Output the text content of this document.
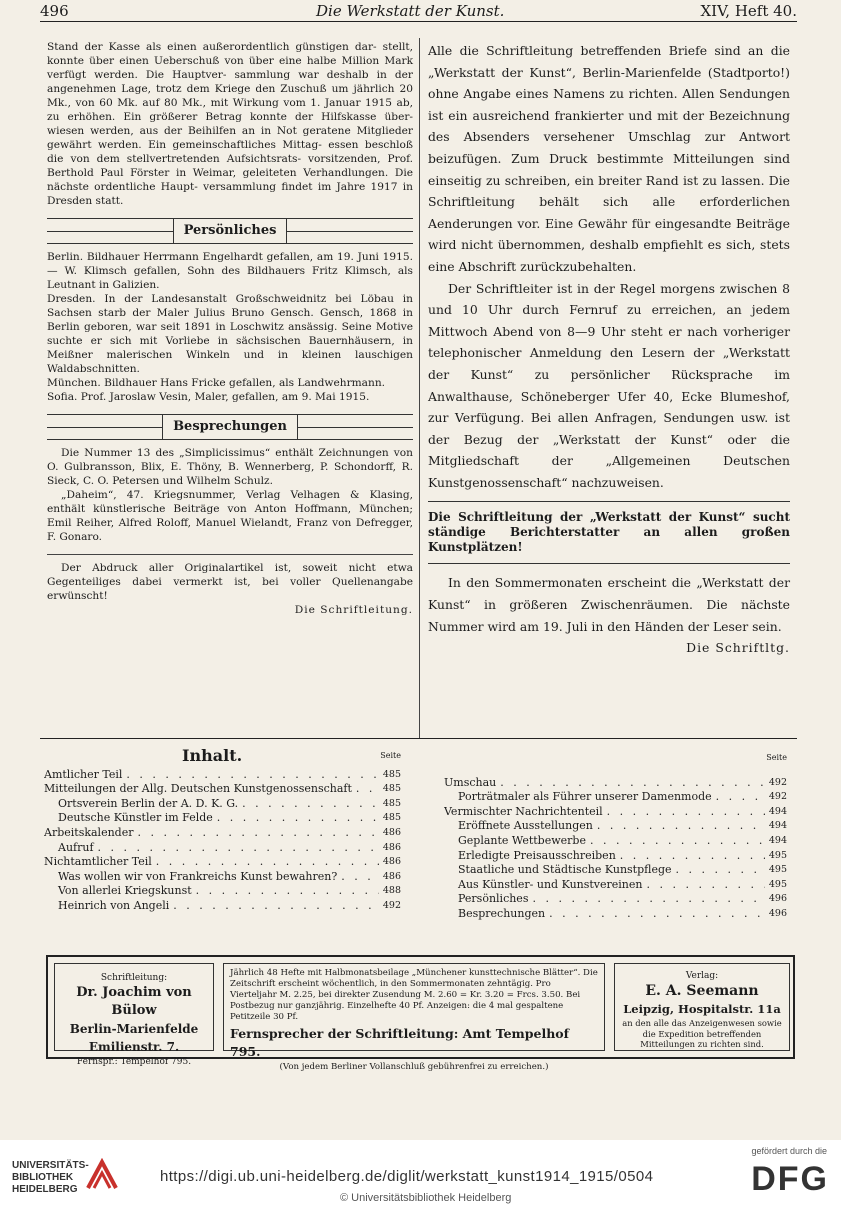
496	Die Werkstatt der Kunst.	XIV, Heft 40.

Stand der Kasse als einen außerordentlich günstigen dar- stellt, konnte über einen Ueberschuß von über eine halbe Million Mark verfügt werden. Die Hauptver- sammlung war deshalb in der angenehmen Lage, trotz dem Kriege den Zuschuß um jährlich 20 Mk., von 60 Mk. auf 80 Mk., mit Wirkung vom 1. Januar 1915 ab, zu erhöhen. Ein größerer Betrag konnte der Hilfskasse über- wiesen werden, aus der Beihilfen an in Not geratene Mitglieder gewährt werden. Ein gemeinschaftliches Mittag- essen beschloß die von dem stellvertretenden Aufsichtsrats- vorsitzenden, Prof. Berthold Paul Förster in Weimar, geleiteten Verhandlungen. Die nächste ordentliche Haupt- versammlung findet im Jahre 1917 in Dresden statt.

Persönliches

Berlin. Bildhauer Herrmann Engelhardt gefallen, am 19. Juni 1915. — W. Klimsch gefallen, Sohn des Bildhauers Fritz Klimsch, als Leutnant in Galizien.

Dresden. In der Landesanstalt Großschweidnitz bei Löbau in Sachsen starb der Maler Julius Bruno Gensch. Gensch, 1868 in Berlin geboren, war seit 1891 in Loschwitz ansässig. Seine Motive suchte er sich mit Vorliebe in sächsischen Bauernhäusern, in Meißner malerischen Winkeln und in kleinen lauschigen Waldabschnitten.

München. Bildhauer Hans Fricke gefallen, als Landwehrmann.

Sofia. Prof. Jaroslaw Vesin, Maler, gefallen, am 9. Mai 1915.

Besprechungen

Die Nummer 13 des „Simplicissimus“ enthält Zeichnungen von O. Gulbransson, Blix, E. Thöny, B. Wennerberg, P. Schondorff, R. Sieck, C. O. Petersen und Wilhelm Schulz.

„Daheim“, 47. Kriegsnummer, Verlag Velhagen & Klasing, enthält künstlerische Beiträge von Anton Hoffmann, München; Emil Reiher, Alfred Roloff, Manuel Wielandt, Franz von Defregger, F. Gonaro.

Der Abdruck aller Originalartikel ist, soweit nicht etwa Gegenteiliges dabei vermerkt ist, bei voller Quellenangabe erwünscht!

Die Schriftleitung.

Alle die Schriftleitung betreffenden Briefe sind an die „Werkstatt der Kunst“, Berlin-Marienfelde (Stadtporto!) ohne Angabe eines Namens zu richten. Allen Sendungen ist ein ausreichend frankierter und mit der Bezeichnung des Absenders versehener Umschlag zur Antwort beizufügen. Zum Druck bestimmte Mitteilungen sind einseitig zu schreiben, ein breiter Rand ist zu lassen. Die Schriftleitung behält sich alle erforderlichen Aenderungen vor. Eine Gewähr für eingesandte Beiträge wird nicht übernommen, deshalb empfiehlt es sich, stets eine Abschrift zurückzubehalten.

Der Schriftleiter ist in der Regel morgens zwischen 8 und 10 Uhr durch Fernruf zu erreichen, an jedem Mittwoch Abend von 8—9 Uhr steht er nach vorheriger telephonischer Anmeldung den Lesern der „Werkstatt der Kunst“ zu persönlicher Rücksprache im Anwalthause, Schöneberger Ufer 40, Ecke Blumeshof, zur Verfügung. Bei allen Anfragen, Sendungen usw. ist der Bezug der „Werkstatt der Kunst“ oder die Mitgliedschaft der „Allgemeinen Deutschen Kunstgenossenschaft“ nachzuweisen.

Die Schriftleitung der „Werkstatt der Kunst“ sucht ständige Berichterstatter an allen großen Kunstplätzen!

In den Sommermonaten erscheint die „Werkstatt der Kunst“ in größeren Zwischenräumen. Die nächste Nummer wird am 19. Juli in den Händen der Leser sein.

Die Schriftltg.

Inhalt.	Seite
Amtlicher Teil . . .	485
Mitteilungen der Allg. Deutschen Kunstgenossenschaft . . .	485
Ortsverein Berlin der A. D. K. G. . . .	485
Deutsche Künstler im Felde . . .	485
Arbeitskalender . . .	486
Aufruf . . .	486
Nichtamtlicher Teil . . .	486
Was wollen wir von Frankreichs Kunst bewahren? . . .	486
Von allerlei Kriegskunst . . .	488
Heinrich von Angeli . . .	492
Seite
Umschau . . .	492
Porträtmaler als Führer unserer Damenmode . . .	492
Vermischter Nachrichtenteil . . .	494
Eröffnete Ausstellungen . . .	494
Geplante Wettbewerbe . . .	494
Erledigte Preisausschreiben . . .	495
Staatliche und Städtische Kunstpflege . . .	495
Aus Künstler- und Kunstvereinen . . .	495
Persönliches . . .	496
Besprechungen . . .	496
Schriftleitung:
Dr. Joachim von Bülow
Berlin-Marienfelde
Emilienstr. 7.
Fernspr.: Tempelhof 795.
Jährlich 48 Hefte mit Halbmonatsbeilage „Münchener kunsttechnische Blätter“. Die Zeitschrift erscheint wöchentlich, in den Sommermonaten zehntägig. Pro Vierteljahr M. 2.25, bei direkter Zusendung M. 2.60 = Kr. 3.20 = Frcs. 3.50. Bei Postbezug nur ganzjährig. Einzelhefte 40 Pf. Anzeigen: die 4 mal gespaltene Petitzeile 30 Pf.
Fernsprecher der Schriftleitung: Amt Tempelhof 795.
(Von jedem Berliner Vollanschluß gebührenfrei zu erreichen.)
Verlag:
E. A. Seemann
Leipzig, Hospitalstr. 11a
an den alle das Anzeigenwesen sowie die Expedition betreffenden Mitteilungen zu richten sind.
UNIVERSITÄTS- BIBLIOTHEK HEIDELBERG
https://digi.ub.uni-heidelberg.de/diglit/werkstatt_kunst1914_1915/0504
© Universitätsbibliothek Heidelberg
gefördert durch die
DFG
